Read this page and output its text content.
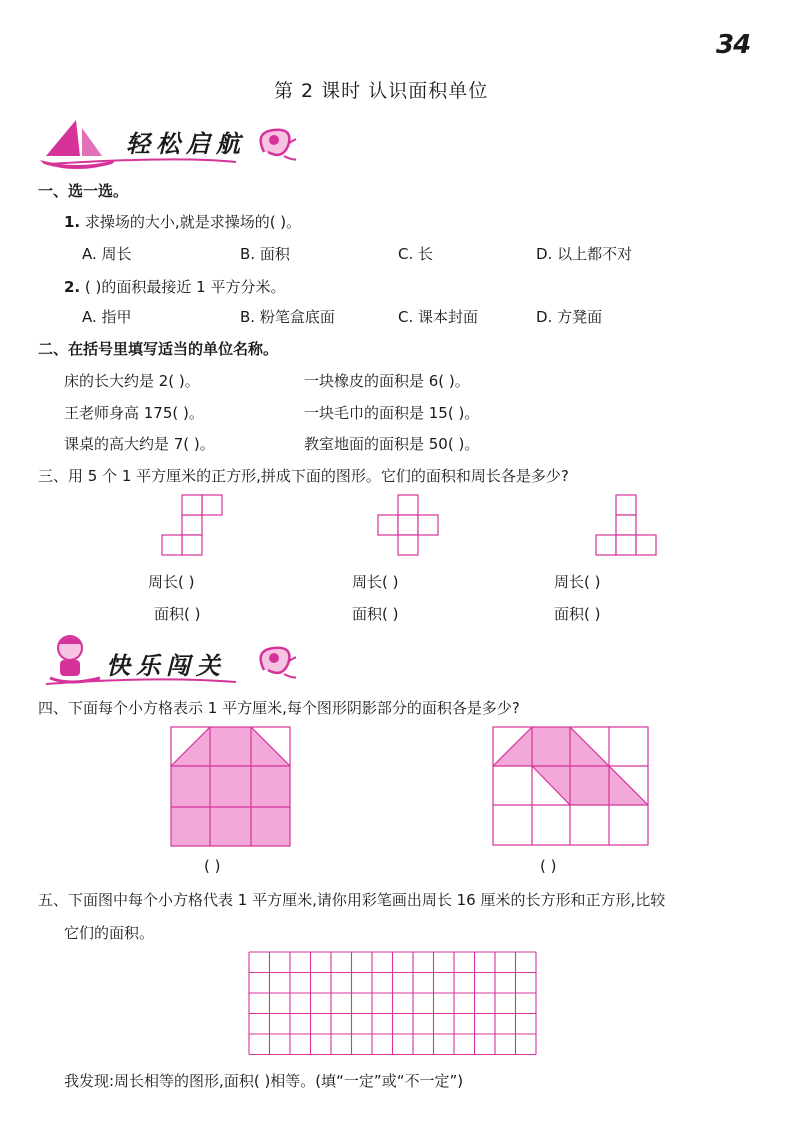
34
第 2 课时 认识面积单位
轻松启航
一、选一选。
1. 求操场的大小,就是求操场的( )。
A. 周长	B. 面积	C. 长	D. 以上都不对
2. ( )的面积最接近 1 平方分米。
A. 指甲	B. 粉笔盒底面	C. 课本封面	D. 方凳面
二、在括号里填写适当的单位名称。
床的长大约是 2( )。	一块橡皮的面积是 6( )。
王老师身高 175( )。	一块毛巾的面积是 15( )。
课桌的高大约是 7( )。	教室地面的面积是 50( )。
三、用 5 个 1 平方厘米的正方形,拼成下面的图形。它们的面积和周长各是多少?
周长( )	周长( )	周长( )
面积( )	面积( )	面积( )
快乐闯关
四、下面每个小方格表示 1 平方厘米,每个图形阴影部分的面积各是多少?
( )	( )
五、下面图中每个小方格代表 1 平方厘米,请你用彩笔画出周长 16 厘米的长方形和正方形,比较
它们的面积。
我发现:周长相等的图形,面积( )相等。(填“一定”或“不一定”)
